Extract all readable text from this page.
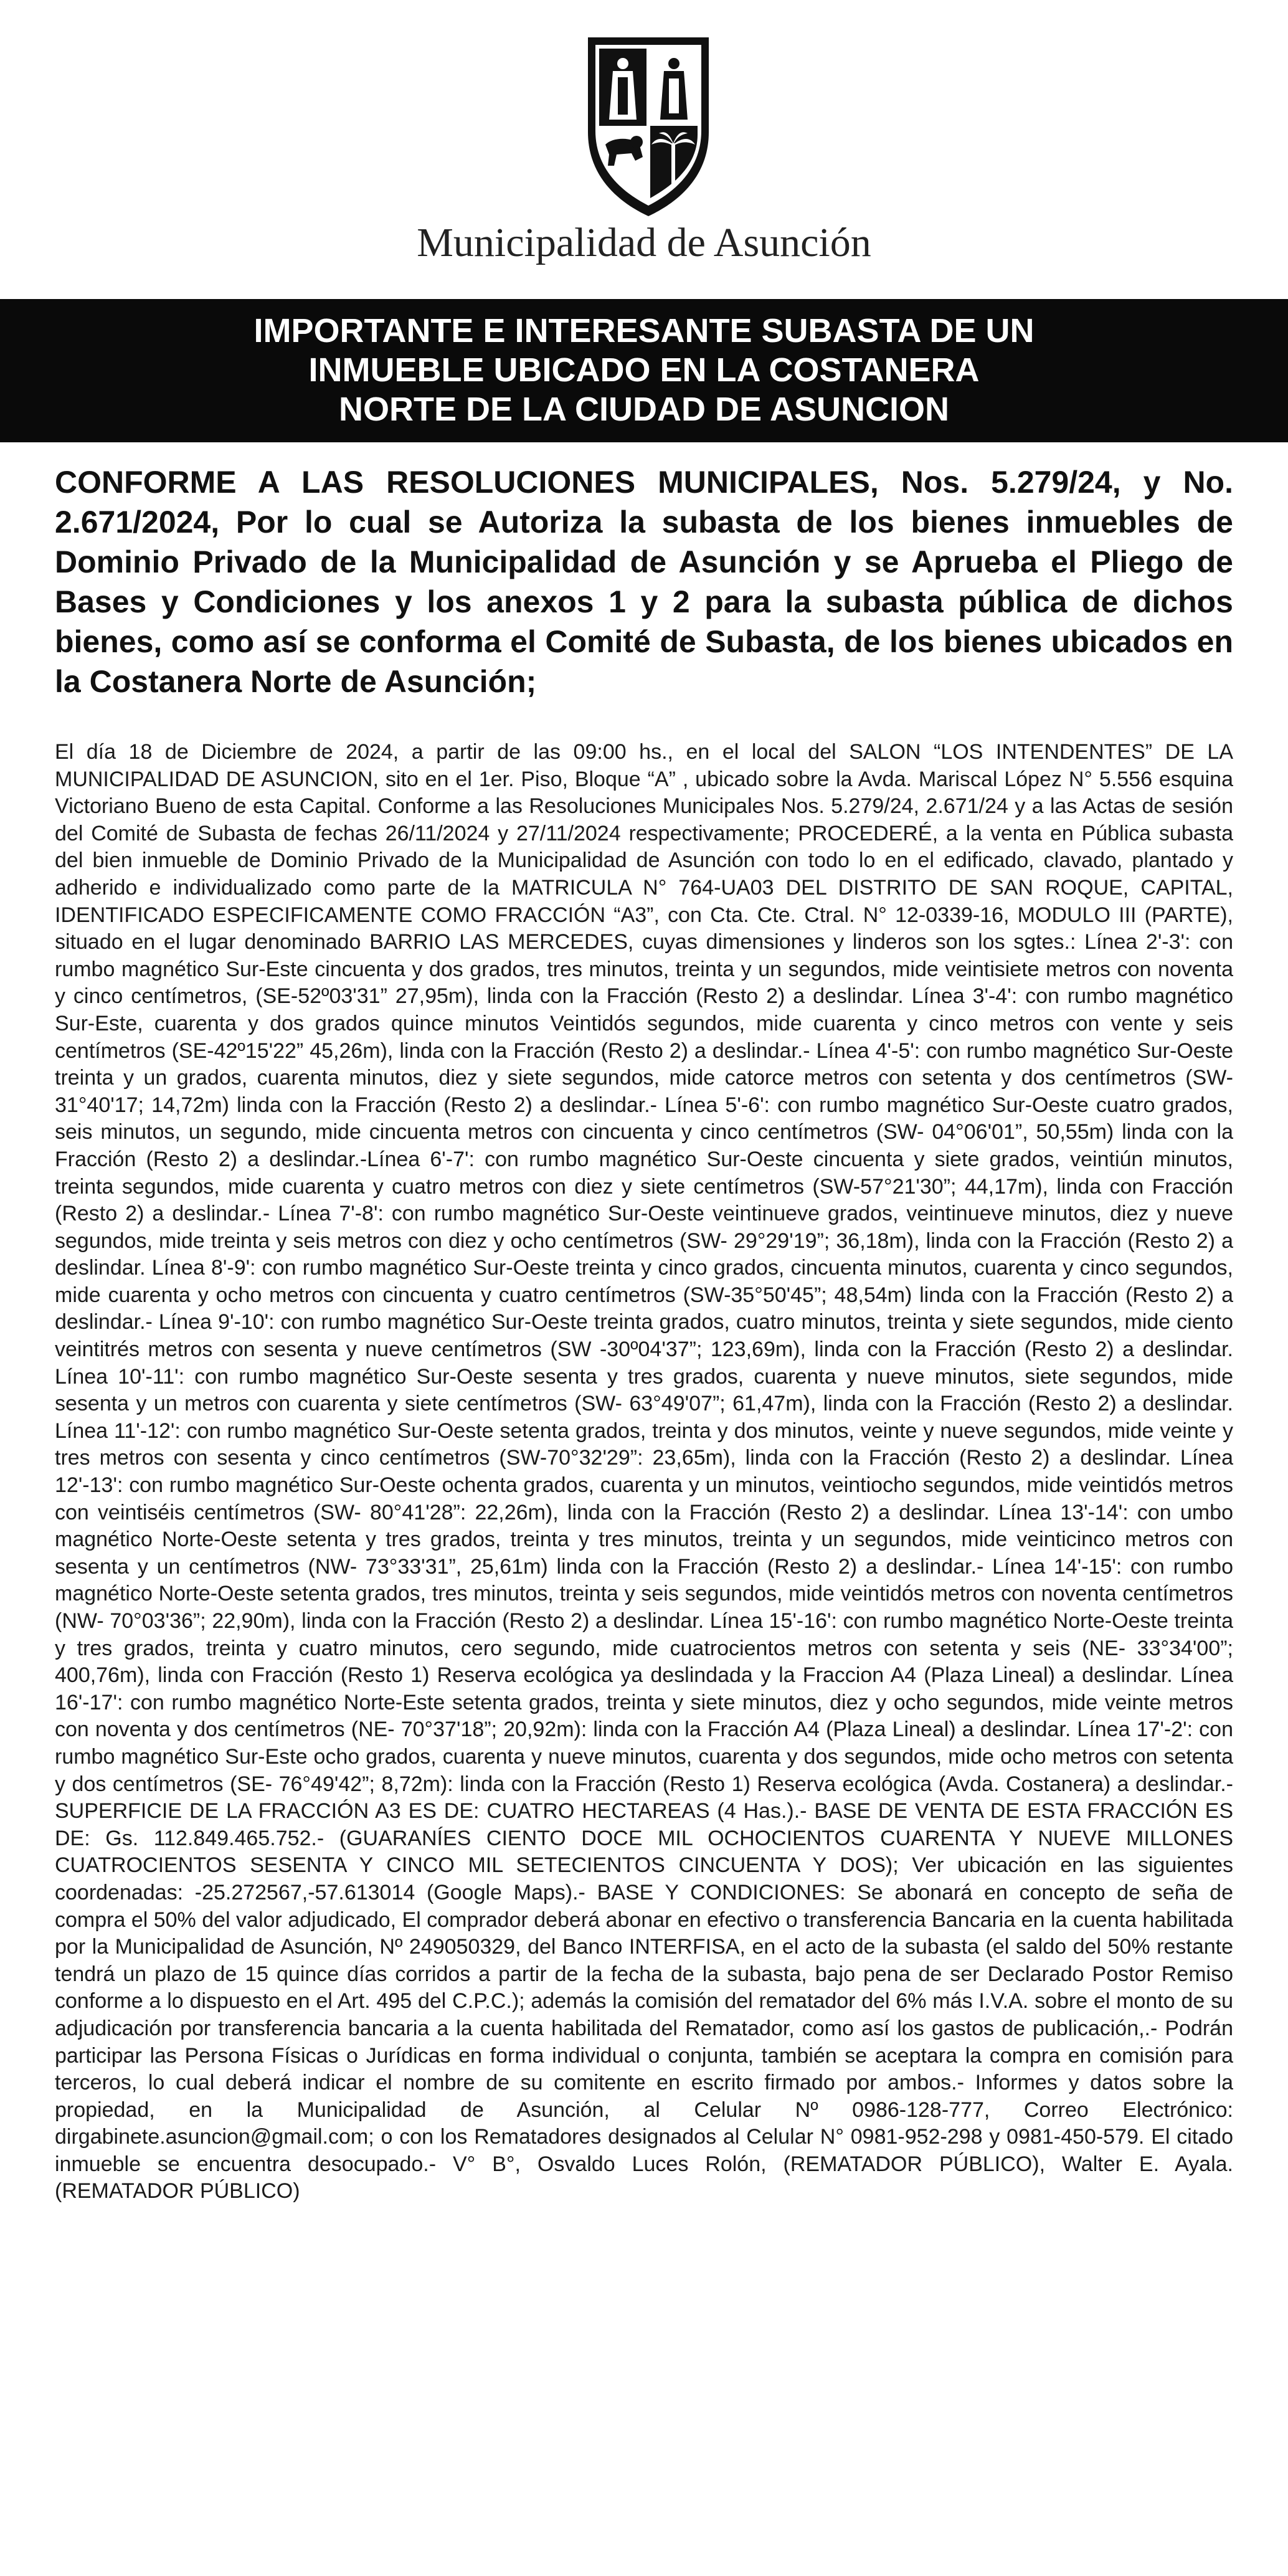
Municipalidad de Asunción
IMPORTANTE E INTERESANTE SUBASTA DE UN
INMUEBLE UBICADO EN LA COSTANERA
NORTE DE LA CIUDAD DE ASUNCION
CONFORME A LAS RESOLUCIONES MUNICIPALES, Nos. 5.279/24, y No. 2.671/2024, Por lo cual se Autoriza la subasta de los bienes inmuebles de Dominio Privado de la Municipalidad de Asunción y se Aprueba el Pliego de Bases y Condiciones y los anexos 1 y 2 para la subasta pública de dichos bienes, como así se conforma el Comité de Subasta, de los bienes ubicados en la Costanera Norte de Asunción;
El día 18 de Diciembre de 2024, a partir de las 09:00 hs., en el local del SALON “LOS INTENDENTES” DE LA MUNICIPALIDAD DE ASUNCION, sito en el 1er. Piso, Bloque “A” , ubicado sobre la Avda. Mariscal López N° 5.556 esquina Victoriano Bueno de esta Capital. Conforme a las Resoluciones Municipales Nos. 5.279/24, 2.671/24 y a las Actas de sesión del Comité de Subasta de fechas 26/11/2024 y 27/11/2024 respectivamente; PROCEDERÉ, a la venta en Pública subasta del bien inmueble de Dominio Privado de la Municipalidad de Asunción con todo lo en el edificado, clavado, plantado y adherido e individualizado como parte de la MATRICULA N° 764-UA03 DEL DISTRITO DE SAN ROQUE, CAPITAL, IDENTIFICADO ESPECIFICAMENTE COMO FRACCIÓN “A3”, con Cta. Cte. Ctral. N° 12-0339-16, MODULO III (PARTE), situado en el lugar denominado BARRIO LAS MERCEDES, cuyas dimensiones y linderos son los sgtes.: Línea 2'-3': con rumbo magnético Sur-Este cincuenta y dos grados, tres minutos, treinta y un segundos, mide veintisiete metros con noventa y cinco centímetros, (SE-52º03'31” 27,95m), linda con la Fracción (Resto 2) a deslindar. Línea 3'-4': con rumbo magnético Sur-Este, cuarenta y dos grados quince minutos Veintidós segundos, mide cuarenta y cinco metros con vente y seis centímetros (SE-42º15'22” 45,26m), linda con la Fracción (Resto 2) a deslindar.- Línea 4'-5': con rumbo magnético Sur-Oeste treinta y un grados, cuarenta minutos, diez y siete segundos, mide catorce metros con setenta y dos centímetros (SW-31°40'17; 14,72m) linda con la Fracción (Resto 2) a deslindar.- Línea 5'-6': con rumbo magnético Sur-Oeste cuatro grados, seis minutos, un segundo, mide cincuenta metros con cincuenta y cinco centímetros (SW- 04°06'01”, 50,55m) linda con la Fracción (Resto 2) a deslindar.-Línea 6'-7': con rumbo magnético Sur-Oeste cincuenta y siete grados, veintiún minutos, treinta segundos, mide cuarenta y cuatro metros con diez y siete centímetros (SW-57°21'30”; 44,17m), linda con Fracción (Resto 2) a deslindar.- Línea 7'-8': con rumbo magnético Sur-Oeste veintinueve grados, veintinueve minutos, diez y nueve segundos, mide treinta y seis metros con diez y ocho centímetros (SW- 29°29'19”; 36,18m), linda con la Fracción (Resto 2) a deslindar. Línea 8'-9': con rumbo magnético Sur-Oeste treinta y cinco grados, cincuenta minutos, cuarenta y cinco segundos, mide cuarenta y ocho metros con cincuenta y cuatro centímetros (SW-35°50'45”; 48,54m) linda con la Fracción (Resto 2) a deslindar.- Línea 9'-10': con rumbo magnético Sur-Oeste treinta grados, cuatro minutos, treinta y siete segundos, mide ciento veintitrés metros con sesenta y nueve centímetros (SW -30º04'37”; 123,69m), linda con la Fracción (Resto 2) a deslindar. Línea 10'-11': con rumbo magnético Sur-Oeste sesenta y tres grados, cuarenta y nueve minutos, siete segundos, mide sesenta y un metros con cuarenta y siete centímetros (SW- 63°49'07”; 61,47m), linda con la Fracción (Resto 2) a deslindar. Línea 11'-12': con rumbo magnético Sur-Oeste setenta grados, treinta y dos minutos, veinte y nueve segundos, mide veinte y tres metros con sesenta y cinco centímetros (SW-70°32'29”: 23,65m), linda con la Fracción (Resto 2) a deslindar. Línea 12'-13': con rumbo magnético Sur-Oeste ochenta grados, cuarenta y un minutos, veintiocho segundos, mide veintidós metros con veintiséis centímetros (SW- 80°41'28”: 22,26m), linda con la Fracción (Resto 2) a deslindar. Línea 13'-14': con umbo magnético Norte-Oeste setenta y tres grados, treinta y tres minutos, treinta y un segundos, mide veinticinco metros con sesenta y un centímetros (NW- 73°33'31”, 25,61m) linda con la Fracción (Resto 2) a deslindar.- Línea 14'-15': con rumbo magnético Norte-Oeste setenta grados, tres minutos, treinta y seis segundos, mide veintidós metros con noventa centímetros (NW- 70°03'36”; 22,90m), linda con la Fracción (Resto 2) a deslindar. Línea 15'-16': con rumbo magnético Norte-Oeste treinta y tres grados, treinta y cuatro minutos, cero segundo, mide cuatrocientos metros con setenta y seis (NE- 33°34'00”; 400,76m), linda con Fracción (Resto 1) Reserva ecológica ya deslindada y la Fraccion A4 (Plaza Lineal) a deslindar. Línea 16'-17': con rumbo magnético Norte-Este setenta grados, treinta y siete minutos, diez y ocho segundos, mide veinte metros con noventa y dos centímetros (NE- 70°37'18”; 20,92m): linda con la Fracción A4 (Plaza Lineal) a deslindar. Línea 17'-2': con rumbo magnético Sur-Este ocho grados, cuarenta y nueve minutos, cuarenta y dos segundos, mide ocho metros con setenta y dos centímetros (SE- 76°49'42”; 8,72m): linda con la Fracción (Resto 1) Reserva ecológica (Avda. Costanera) a deslindar.- SUPERFICIE DE LA FRACCIÓN A3 ES DE: CUATRO HECTAREAS (4 Has.).- BASE DE VENTA DE ESTA FRACCIÓN ES DE: Gs. 112.849.465.752.- (GUARANÍES CIENTO DOCE MIL OCHOCIENTOS CUARENTA Y NUEVE MILLONES CUATROCIENTOS SESENTA Y CINCO MIL SETECIENTOS CINCUENTA Y DOS); Ver ubicación en las siguientes coordenadas: -25.272567,-57.613014 (Google Maps).- BASE Y CONDICIONES: Se abonará en concepto de seña de compra el 50% del valor adjudicado, El comprador deberá abonar en efectivo o transferencia Bancaria en la cuenta habilitada por la Municipalidad de Asunción, Nº 249050329, del Banco INTERFISA, en el acto de la subasta (el saldo del 50% restante tendrá un plazo de 15 quince días corridos a partir de la fecha de la subasta, bajo pena de ser Declarado Postor Remiso conforme a lo dispuesto en el Art. 495 del C.P.C.); además la comisión del rematador del 6% más I.V.A. sobre el monto de su adjudicación por transferencia bancaria a la cuenta habilitada del Rematador, como así los gastos de publicación,.- Podrán participar las Persona Físicas o Jurídicas en forma individual o conjunta, también se aceptara la compra en comisión para terceros, lo cual deberá indicar el nombre de su comitente en escrito firmado por ambos.- Informes y datos sobre la propiedad, en la Municipalidad de Asunción, al Celular Nº 0986-128-777, Correo Electrónico: dirgabinete.asuncion@gmail.com; o con los Rematadores designados al Celular N° 0981-952-298 y 0981-450-579. El citado inmueble se encuentra desocupado.- V° B°, Osvaldo Luces Rolón, (REMATADOR PÚBLICO), Walter E. Ayala. (REMATADOR PÚBLICO)
